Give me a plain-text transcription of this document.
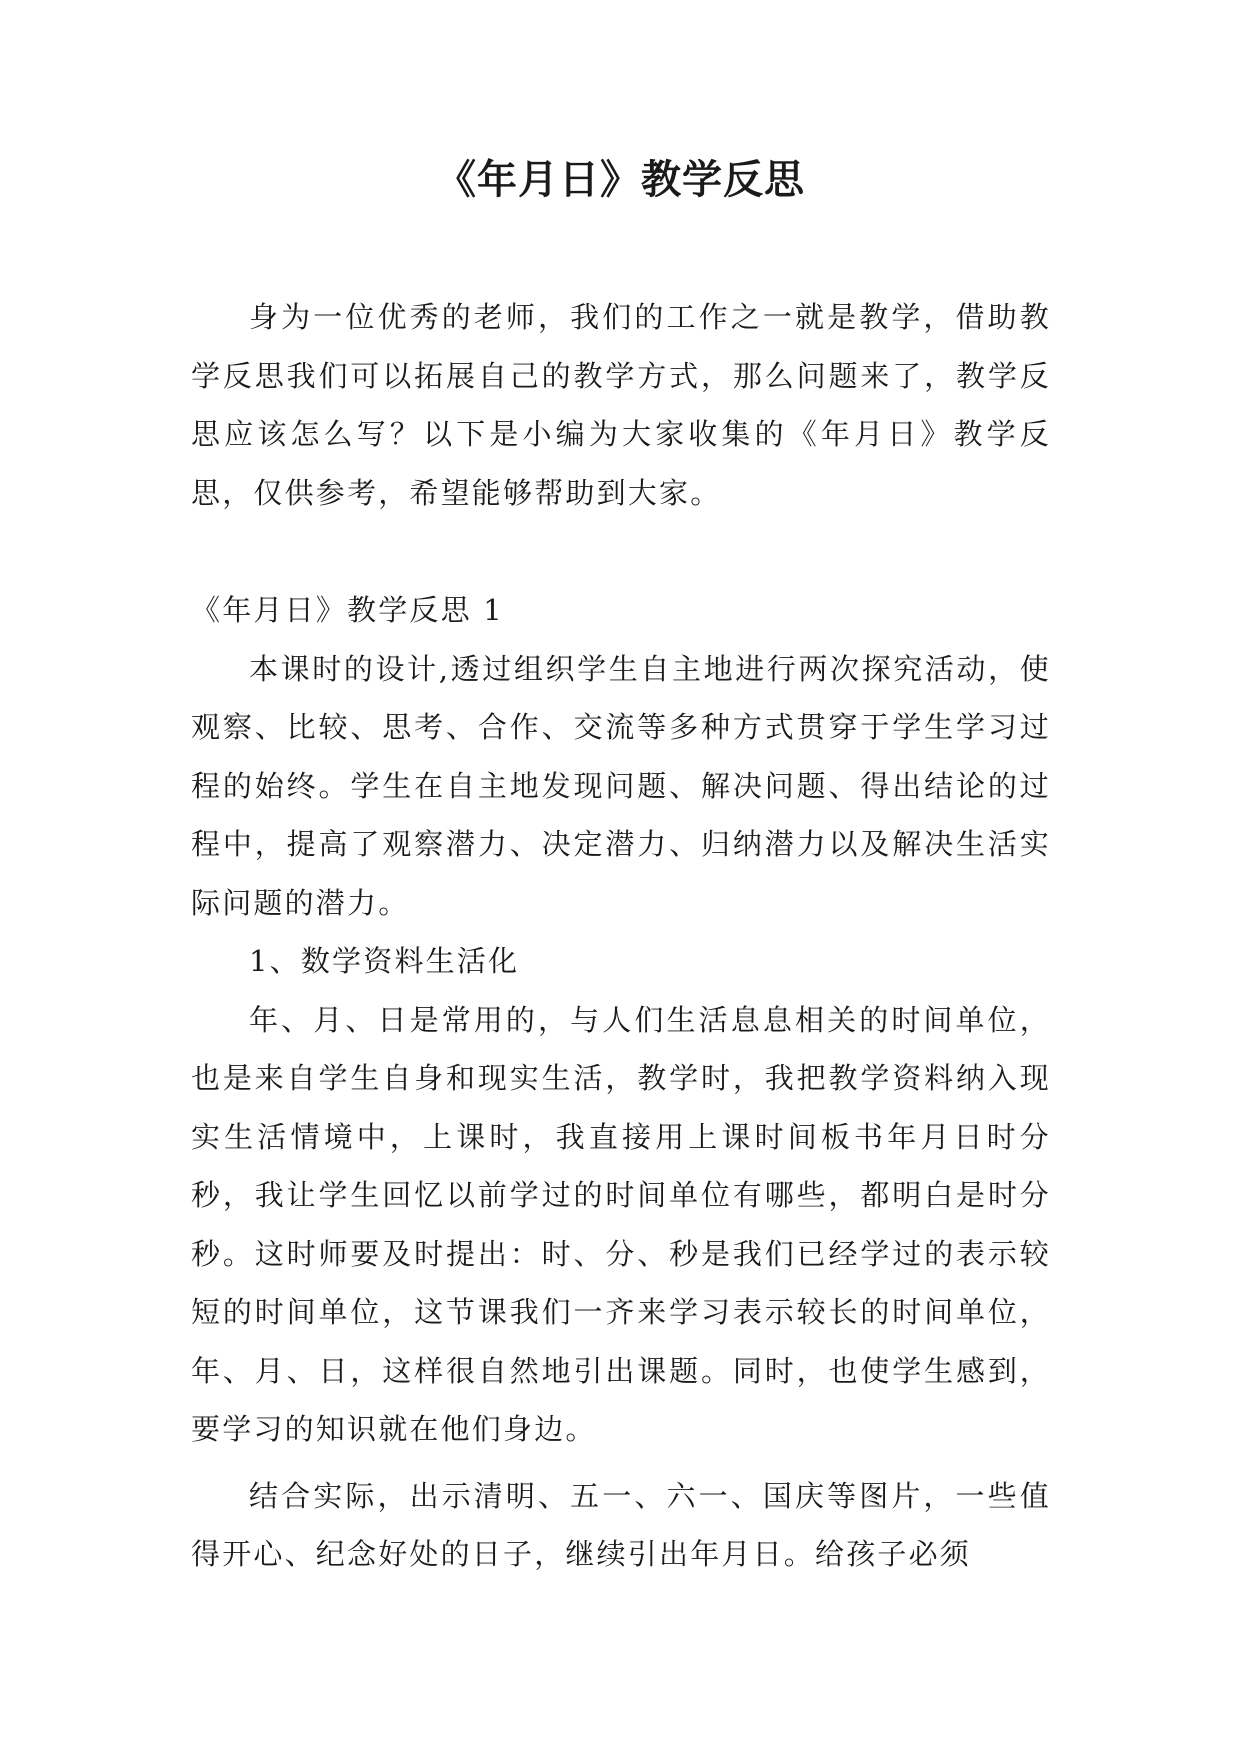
《年月日》教学反思

身为一位优秀的老师，我们的工作之一就是教学，借助教学反思我们可以拓展自己的教学方式，那么问题来了，教学反思应该怎么写？以下是小编为大家收集的《年月日》教学反思，仅供参考，希望能够帮助到大家。

《年月日》教学反思 1

本课时的设计,透过组织学生自主地进行两次探究活动，使观察、比较、思考、合作、交流等多种方式贯穿于学生学习过程的始终。学生在自主地发现问题、解决问题、得出结论的过程中，提高了观察潜力、决定潜力、归纳潜力以及解决生活实际问题的潜力。

1、数学资料生活化

年、月、日是常用的，与人们生活息息相关的时间单位，也是来自学生自身和现实生活，教学时，我把教学资料纳入现实生活情境中，上课时，我直接用上课时间板书年月日时分秒，我让学生回忆以前学过的时间单位有哪些，都明白是时分秒。这时师要及时提出：时、分、秒是我们已经学过的表示较短的时间单位，这节课我们一齐来学习表示较长的时间单位，年、月、日，这样很自然地引出课题。同时，也使学生感到，要学习的知识就在他们身边。

结合实际，出示清明、五一、六一、国庆等图片，一些值得开心、纪念好处的日子，继续引出年月日。给孩子必须
